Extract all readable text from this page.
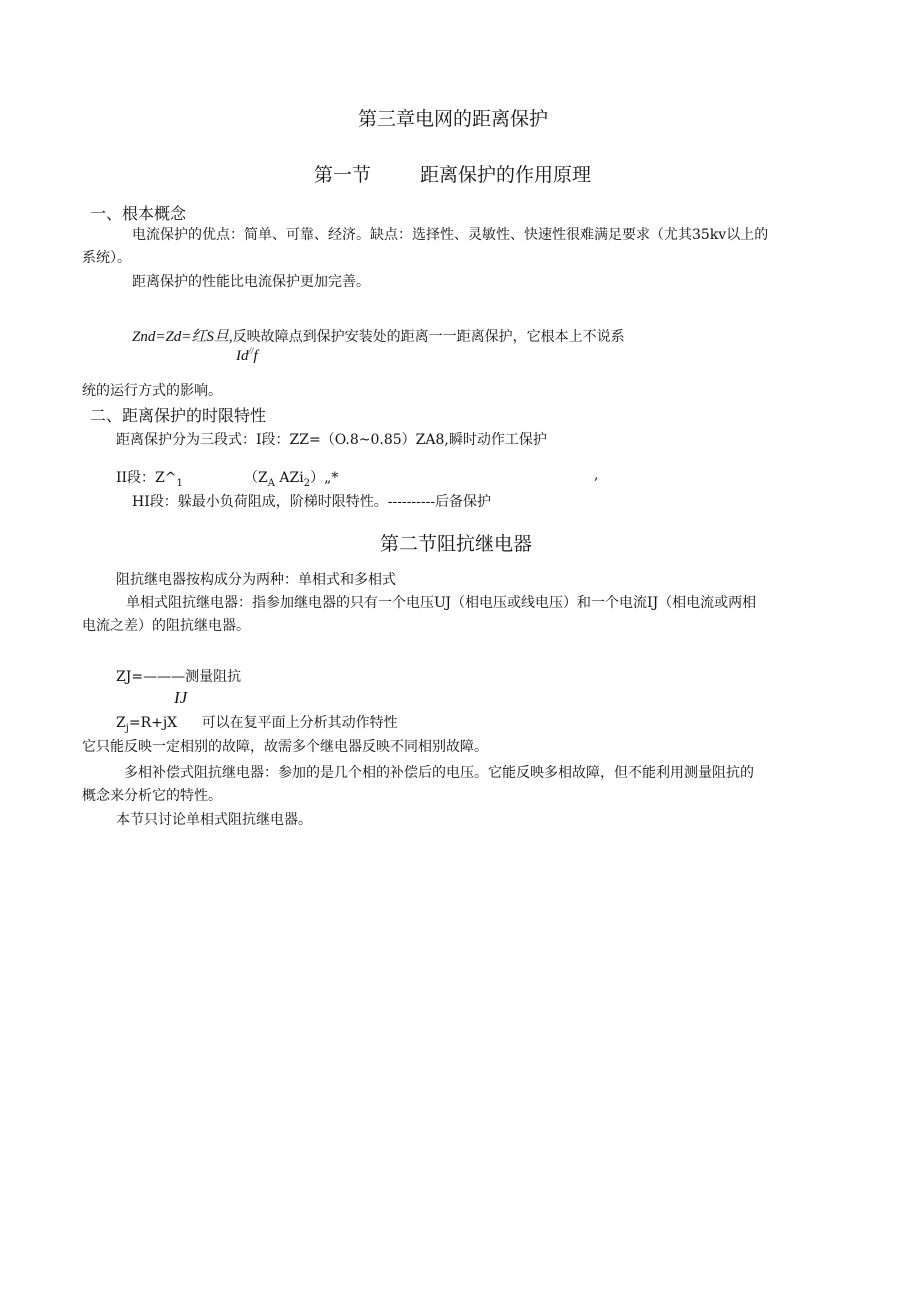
第三章电网的距离保护
第一节	距离保护的作用原理
一、根本概念
电流保护的优点：简单、可靠、经济。缺点：选择性、灵敏性、快速性很难满足要求（尤其35kv以上的
系统）。
距离保护的性能比电流保护更加完善。
Znd=Zd=红S旦,反映故障点到保护安装处的距离一一距离保护，它根本上不说系
Id//f
统的运行方式的影响。
二、距离保护的时限特性
距离保护分为三段式：I段：ZZ=（O.8~0.85）ZA8,瞬时动作工保护
II段：$Z\^{}_1$	（$Z_A$ AZi$_2$）„*	,
HI段：躲最小负荷阻成，阶梯时限特性。----------后备保护
第二节阻抗继电器
阻抗继电器按构成分为两种：单相式和多相式
单相式阻抗继电器：指参加继电器的只有一个电压UJ（相电压或线电压）和一个电流IJ（相电流或两相
电流之差）的阻抗继电器。
ZJ=———测量阻抗
IJ
$Z_j=R+jX$ 可以在复平面上分析其动作特性
它只能反映一定相别的故障，故需多个继电器反映不同相别故障。
多相补偿式阻抗继电器：参加的是几个相的补偿后的电压。它能反映多相故障，但不能利用测量阻抗的
概念来分析它的特性。
本节只讨论单相式阻抗继电器。
